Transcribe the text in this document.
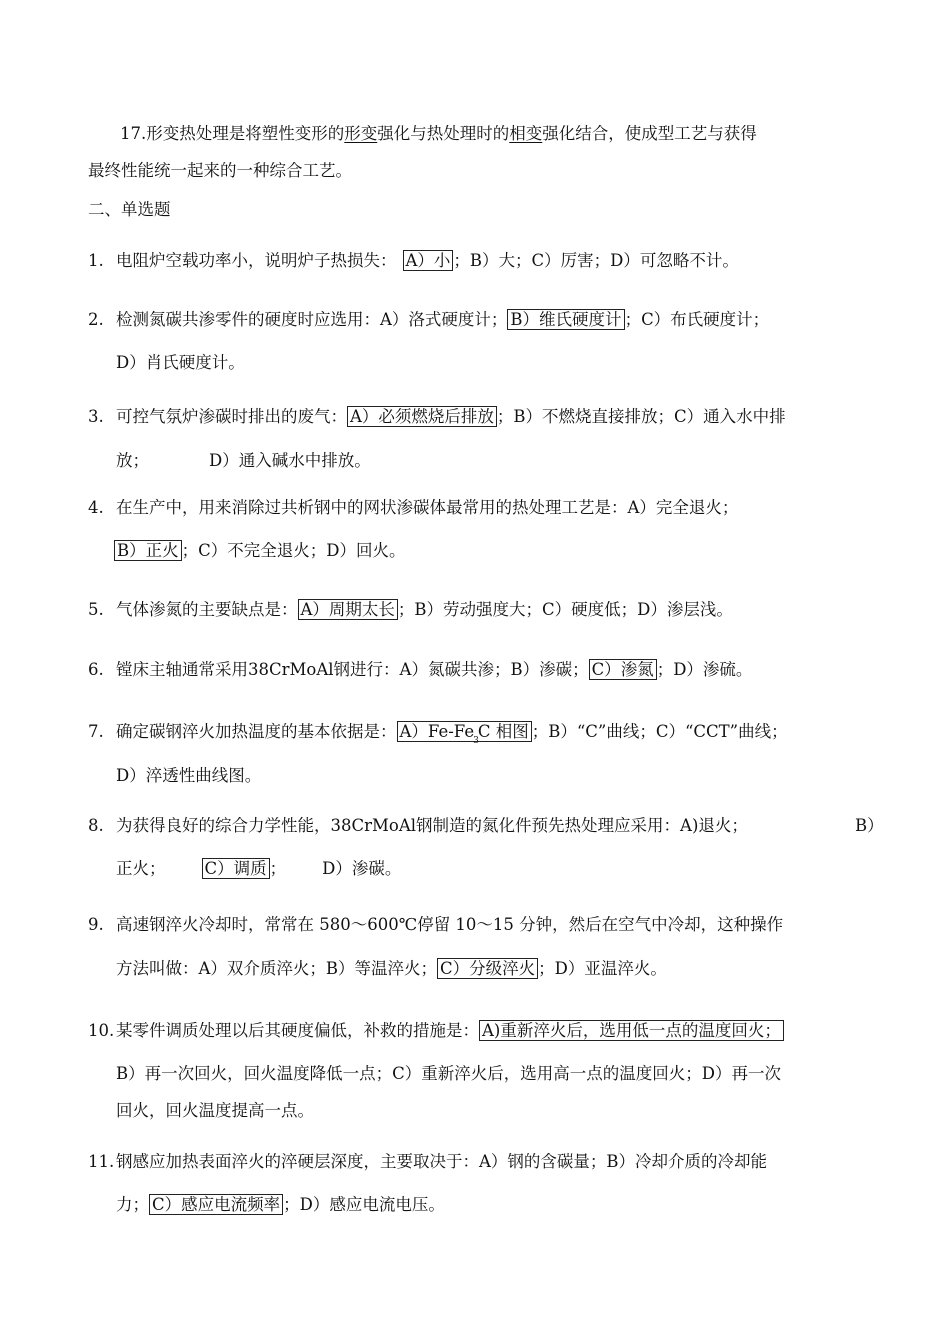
17.形变热处理是将塑性变形的形变强化与热处理时的相变强化结合，使成型工艺与获得
最终性能统一起来的一种综合工艺。
二、单选题
1. 电阻炉空载功率小，说明炉子热损失： A）小 ；B）大；C）厉害；D）可忽略不计。
2. 检测氮碳共渗零件的硬度时应选用：A）洛式硬度计； B）维氏硬度计 ；C）布氏硬度计；
D）肖氏硬度计。
3. 可控气氛炉渗碳时排出的废气： A）必须燃烧后排放 ；B）不燃烧直接排放；C）通入水中排
放；	D）通入碱水中排放。
4. 在生产中，用来消除过共析钢中的网状渗碳体最常用的热处理工艺是：A）完全退火；
B）正火 ；C）不完全退火；D）回火。
5. 气体渗氮的主要缺点是： A）周期太长 ；B）劳动强度大；C）硬度低；D）渗层浅。
6. 镗床主轴通常采用38CrMoAl钢进行：A）氮碳共渗；B）渗碳； C）渗氮 ；D）渗硫。
7. 确定碳钢淬火加热温度的基本依据是： $A)Fe-Fe_3C$ 相图 ；B）“C”曲线；C）“CCT”曲线；
D）淬透性曲线图。
8. 为获得良好的综合力学性能，38CrMoAl钢制造的氮化件预先热处理应采用：A)退火；	B）
正火； C）调质 ； D）渗碳。
9. 高速钢淬火冷却时，常常在 580～600℃停留 10～15 分钟，然后在空气中冷却，这种操作
方法叫做：A）双介质淬火；B）等温淬火； C）分级淬火 ；D）亚温淬火。
10. 某零件调质处理以后其硬度偏低，补救的措施是： A)重新淬火后，选用低一点的温度回火；
B）再一次回火，回火温度降低一点；C）重新淬火后，选用高一点的温度回火；D）再一次
回火，回火温度提高一点。
11. 钢感应加热表面淬火的淬硬层深度，主要取决于：A）钢的含碳量；B）冷却介质的冷却能
力； C）感应电流频率 ；D）感应电流电压。
